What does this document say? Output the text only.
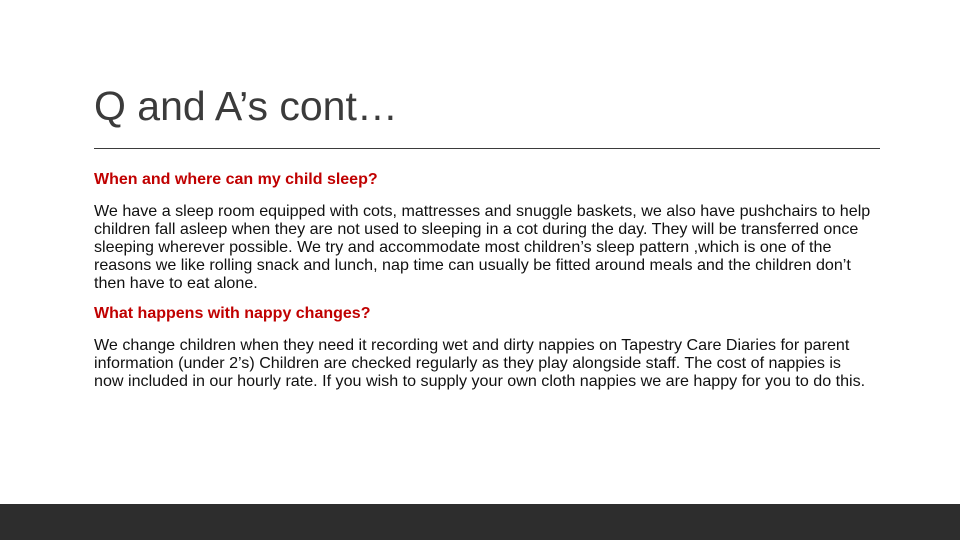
Q and A’s cont…

When and where can my child sleep?

We have a sleep room equipped with cots, mattresses and snuggle baskets, we also have pushchairs to help children fall asleep when they are not used to sleeping in a cot during the day. They will be transferred once sleeping wherever possible. We try and accommodate most children’s sleep pattern ,which is one of the reasons we like rolling snack and lunch, nap time can usually be fitted around meals and the children don’t then have to eat alone.

What happens with nappy changes?

We change children when they need it recording wet and dirty nappies on Tapestry Care Diaries for parent information (under 2’s) Children are checked regularly as they play alongside staff. The cost of nappies is now included in our hourly rate. If you wish to supply your own cloth nappies we are happy for you to do this.
